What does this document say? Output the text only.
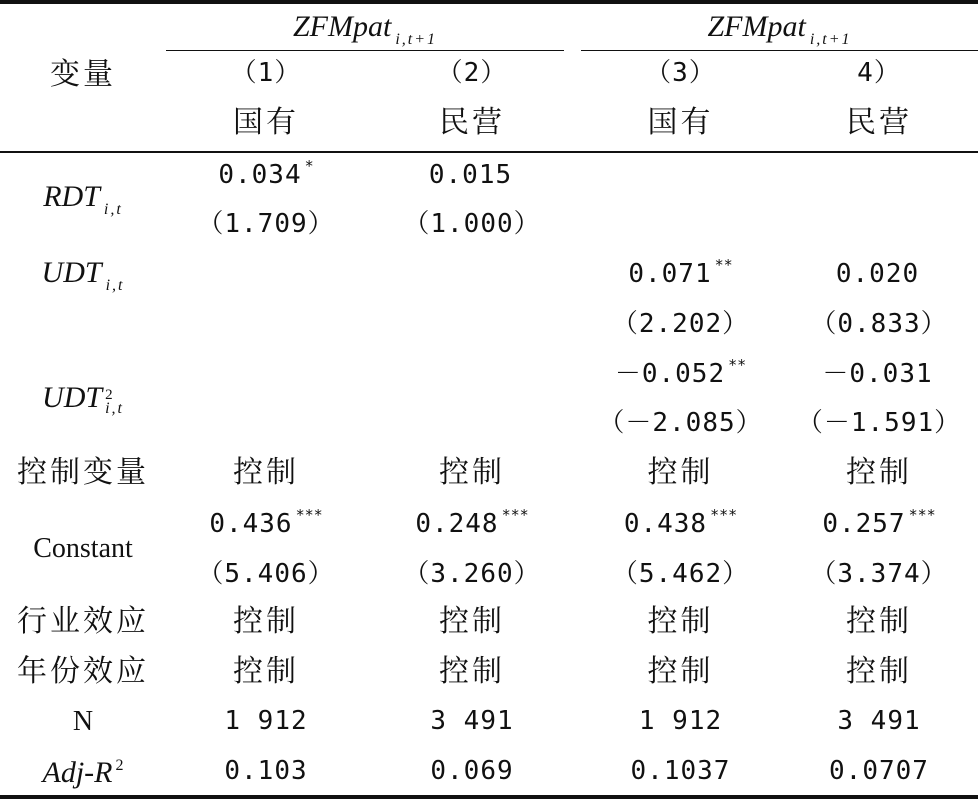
ZFMpat $_{i,t+1}$	ZFMpat $_{i,t+1}$
变量
RDT $_{i,t}$
UDT $_{i,t}$
UDT 2
i,t
控制变量
Constant
行业效应
年份效应
N
Adj-R $^2$
（1）
国有
（2）
民营
（3）
国有
4）
民营
0.034 *
（1.709）
0.015
（1.000）
0.071 **
（2.202）
－0.052 **
（－2.085）
0.020
（0.833）
－0.031
（－1.591）
控制
0.436 ***
（5.406）
控制
控制
1 912
0.103
控制
0.248 ***
（3.260）
控制
控制
3 491
0.069
控制
0.438 ***
（5.462）
控制
控制
1 912
0.1037
控制
0.257 ***
（3.374）
控制
控制
3 491
0.0707
